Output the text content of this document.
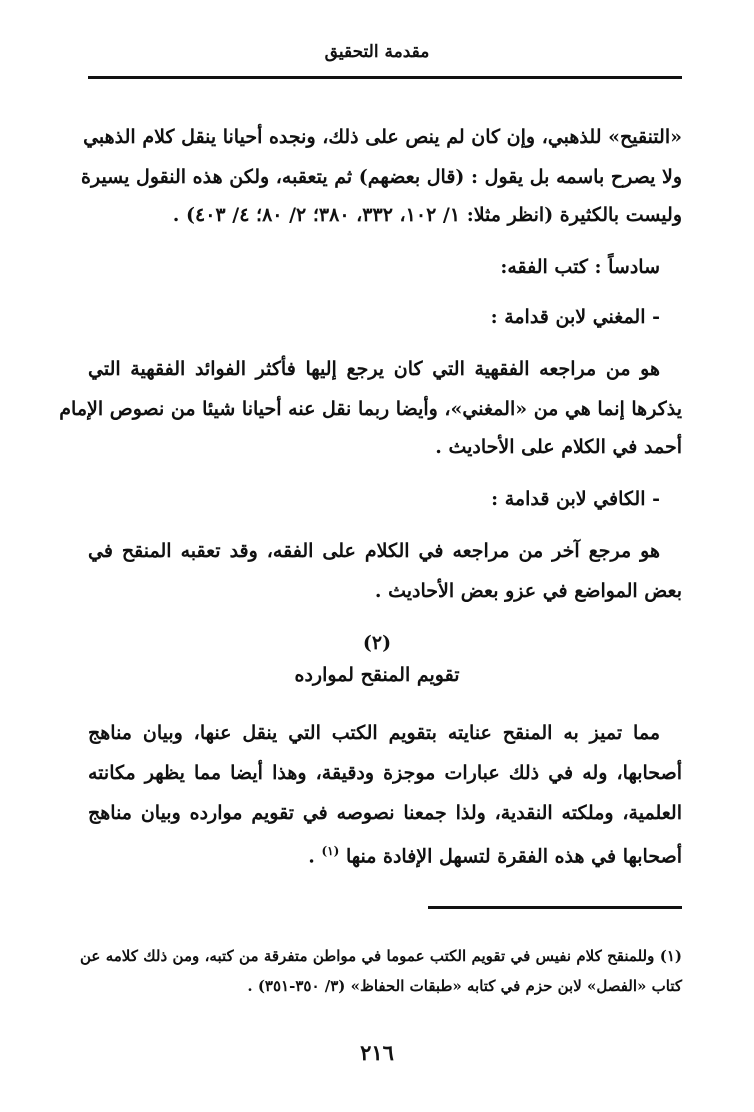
مقدمة التحقيق
«التنقيح» للذهبي، وإن كان لم ينص على ذلك، ونجده أحيانا ينقل كلام الذهبي
ولا يصرح باسمه بل يقول : (قال بعضهم) ثم يتعقبه، ولكن هذه النقول يسيرة
وليست بالكثيرة (انظر مثلا: ١/ ١٠٢، ٣٣٢، ٣٨٠؛ ٢/ ٨٠؛ ٤/ ٤٠٣) .
سادساً : كتب الفقه:
- المغني لابن قدامة :
هو من مراجعه الفقهية التي كان يرجع إليها فأكثر الفوائد الفقهية التي
يذكرها إنما هي من «المغني»، وأيضا ربما نقل عنه أحيانا شيئا من نصوص الإمام
أحمد في الكلام على الأحاديث .
- الكافي لابن قدامة :
هو مرجع آخر من مراجعه في الكلام على الفقه، وقد تعقبه المنقح في
بعض المواضع في عزو بعض الأحاديث .
(٢)
تقويم المنقح لموارده
مما تميز به المنقح عنايته بتقويم الكتب التي ينقل عنها، وبيان مناهج
أصحابها، وله في ذلك عبارات موجزة ودقيقة، وهذا أيضا مما يظهر مكانته
العلمية، وملكته النقدية، ولذا جمعنا نصوصه في تقويم موارده وبيان مناهج
أصحابها في هذه الفقرة لتسهل الإفادة منها $^{(١)}$ .
(١) وللمنقح كلام نفيس في تقويم الكتب عموما في مواطن متفرقة من كتبه، ومن ذلك كلامه عن
كتاب «الفصل» لابن حزم في كتابه «طبقات الحفاظ» (٣/ ٣٥٠-٣٥١) .
٢١٦
